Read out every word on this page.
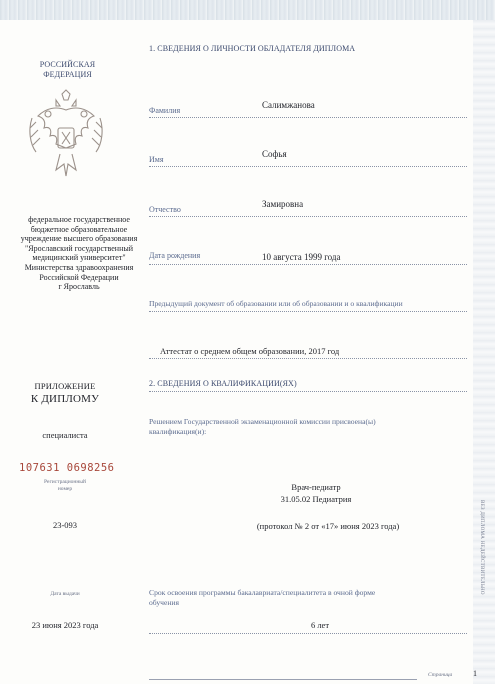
РОССИЙСКАЯ
ФЕДЕРАЦИЯ
федеральное государственное
бюджетное образовательное
учреждение высшего образования
"Ярославский государственный
медицинский университет"
Министерства здравоохранения
Российской Федерации
г Ярославль
ПРИЛОЖЕНИЕ
К ДИПЛОМУ
специалиста
107631 0698256
Регистрационный
номер
23-093
Дата выдачи
23 июня 2023 года
1. СВЕДЕНИЯ О ЛИЧНОСТИ ОБЛАДАТЕЛЯ ДИПЛОМА
Фамилия
Салимжанова
Имя
Софья
Отчество
Замировна
Дата рождения	10 августа 1999 года
Предыдущий документ об образовании или об образовании и о квалификации
Аттестат о среднем общем образовании, 2017 год
2. СВЕДЕНИЯ О КВАЛИФИКАЦИИ(ЯХ)
Решением Государственной экзаменационной комиссии присвоена(ы)
квалификация(и):
Врач-педиатр
31.05.02 Педиатрия
(протокол № 2 от «17» июня 2023 года)
Срок освоения программы бакалавриата/специалитета в очной форме
обучения
6 лет
Страница	1
ВЕЗ ДИПЛОМА НЕДЕЙСТВИТЕЛЬНО
